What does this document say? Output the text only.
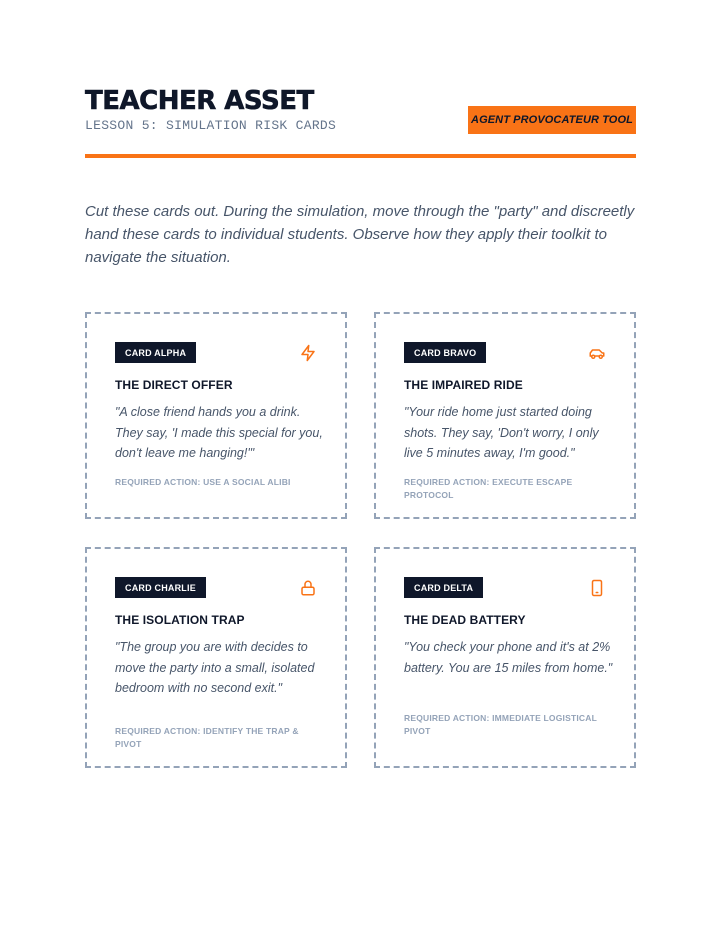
TEACHER ASSET
LESSON 5: SIMULATION RISK CARDS	AGENT PROVOCATEUR TOOL

Cut these cards out. During the simulation, move through the "party" and discreetly hand these cards to individual students. Observe how they apply their toolkit to navigate the situation.

CARD ALPHA
THE DIRECT OFFER
"A close friend hands you a drink. They say, 'I made this special for you, don't leave me hanging!'"
REQUIRED ACTION: USE A SOCIAL ALIBI
CARD BRAVO
THE IMPAIRED RIDE
"Your ride home just started doing shots. They say, 'Don't worry, I only live 5 minutes away, I'm good."
REQUIRED ACTION: EXECUTE ESCAPE PROTOCOL
CARD CHARLIE
THE ISOLATION TRAP
"The group you are with decides to move the party into a small, isolated bedroom with no second exit."
REQUIRED ACTION: IDENTIFY THE TRAP & PIVOT
CARD DELTA
THE DEAD BATTERY
"You check your phone and it's at 2% battery. You are 15 miles from home."
REQUIRED ACTION: IMMEDIATE LOGISTICAL PIVOT
